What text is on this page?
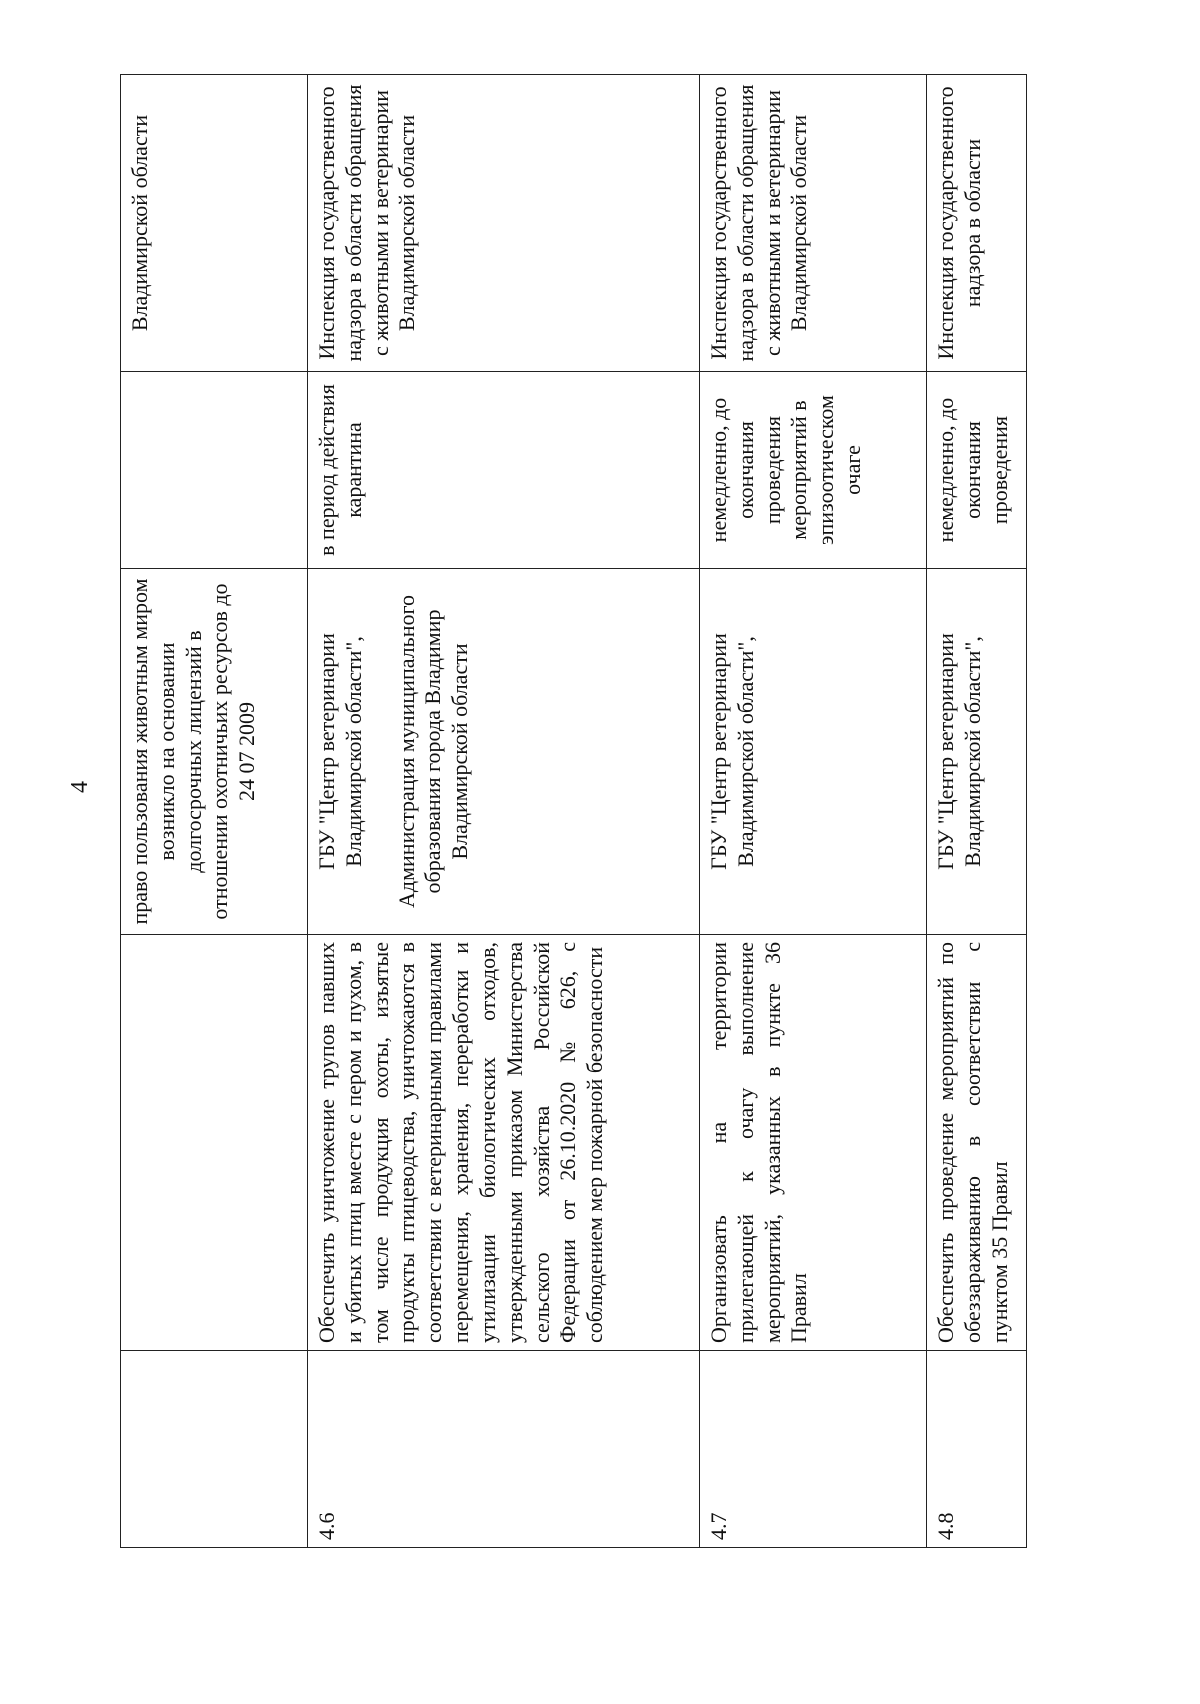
4
		право пользования животным миром возникло на основании долгосрочных лицензий в отношении охотничьих ресурсов до 24 07 2009		Владимирской области
4.6	Обеспечить уничтожение трупов павших и убитых птиц вместе с пером и пухом, в том числе продукция охоты, изъятые продукты птицеводства, уничтожаются в соответствии с ветеринарными правилами перемещения, хранения, переработки и утилизации биологических отходов, утвержденными приказом Министерства сельского хозяйства Российской Федерации от 26.10.2020 № 626, с соблюдением мер пожарной безопасности	ГБУ "Центр ветеринарии Владимирской области", Администрация муниципального образования города Владимир Владимирской области	в период действия карантина	Инспекция государственного надзора в области обращения с животными и ветеринарии Владимирской области
4.7	Организовать на территории прилегающей к очагу выполнение мероприятий, указанных в пункте 36 Правил	ГБУ "Центр ветеринарии Владимирской области",	немедленно, до окончания проведения мероприятий в эпизоотическом очаге	Инспекция государственного надзора в области обращения с животными и ветеринарии Владимирской области
4.8	Обеспечить проведение мероприятий по обеззараживанию в соответствии с пунктом 35 Правил	ГБУ "Центр ветеринарии Владимирской области",	немедленно, до окончания проведения	Инспекция государственного надзора в области
